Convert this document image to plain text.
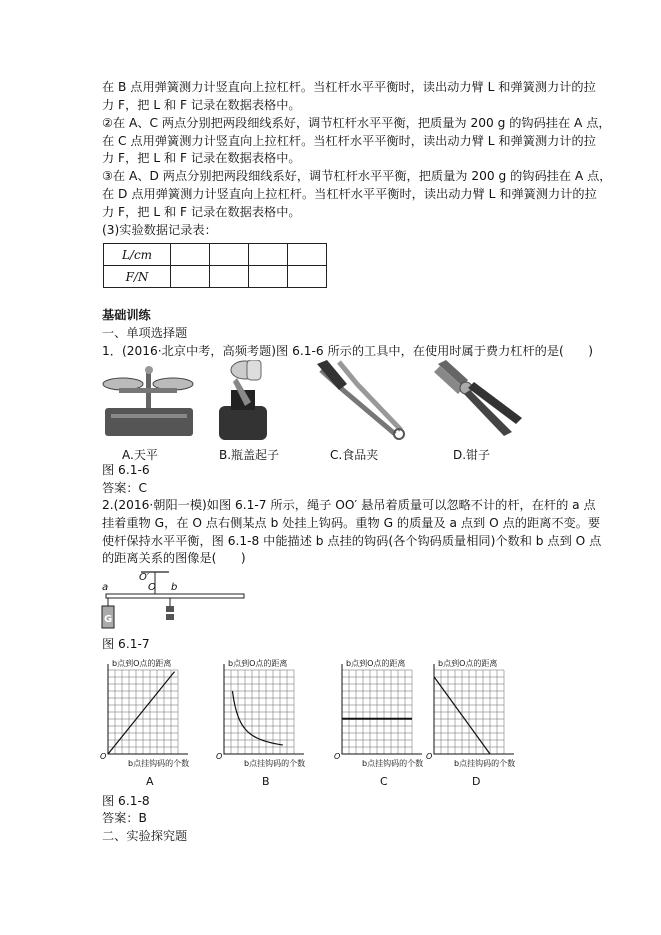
在 B 点用弹簧测力计竖直向上拉杠杆。当杠杆水平平衡时，读出动力臂 L 和弹簧测力计的拉
力 F，把 L 和 F 记录在数据表格中。
②在 A、C 两点分别把两段细线系好，调节杠杆水平平衡，把质量为 200 g 的钩码挂在 A 点，
在 C 点用弹簧测力计竖直向上拉杠杆。当杠杆水平平衡时，读出动力臂 L 和弹簧测力计的拉
力 F，把 L 和 F 记录在数据表格中。
③在 A、D 两点分别把两段细线系好，调节杠杆水平平衡，把质量为 200 g 的钩码挂在 A 点，
在 D 点用弹簧测力计竖直向上拉杠杆。当杠杆水平平衡时，读出动力臂 L 和弹簧测力计的拉
力 F，把 L 和 F 记录在数据表格中。
(3)实验数据记录表：
L/cm				
F/N				
基础训练
一、单项选择题
1．(2016·北京中考，高频考题)图 6.1-6 所示的工具中，在使用时属于费力杠杆的是(　　)
A.天平	B.瓶盖起子	C.食品夹	D.钳子
图 6.1-6
答案：C
2.(2016·朝阳一模)如图 6.1-7 所示，绳子 OO′ 悬吊着质量可以忽略不计的杆，在杆的 a 点
挂着重物 G，在 O 点右侧某点 b 处挂上钩码。重物 G 的质量及 a 点到 O 点的距离不变。要
使杆保持水平平衡，图 6.1-8 中能描述 b 点挂的钩码(各个钩码质量相同)个数和 b 点到 O 点
的距离关系的图像是(　　)
a
O′
O b
G
图 6.1-7
b点到O点的距离
b点挂钩码的个数
O
A
b点到O点的距离
b点挂钩码的个数
O
B
b点到O点的距离
b点挂钩码的个数
O
C
b点到O点的距离
b点挂钩码的个数
O
D
图 6.1-8
答案：B
二、实验探究题
